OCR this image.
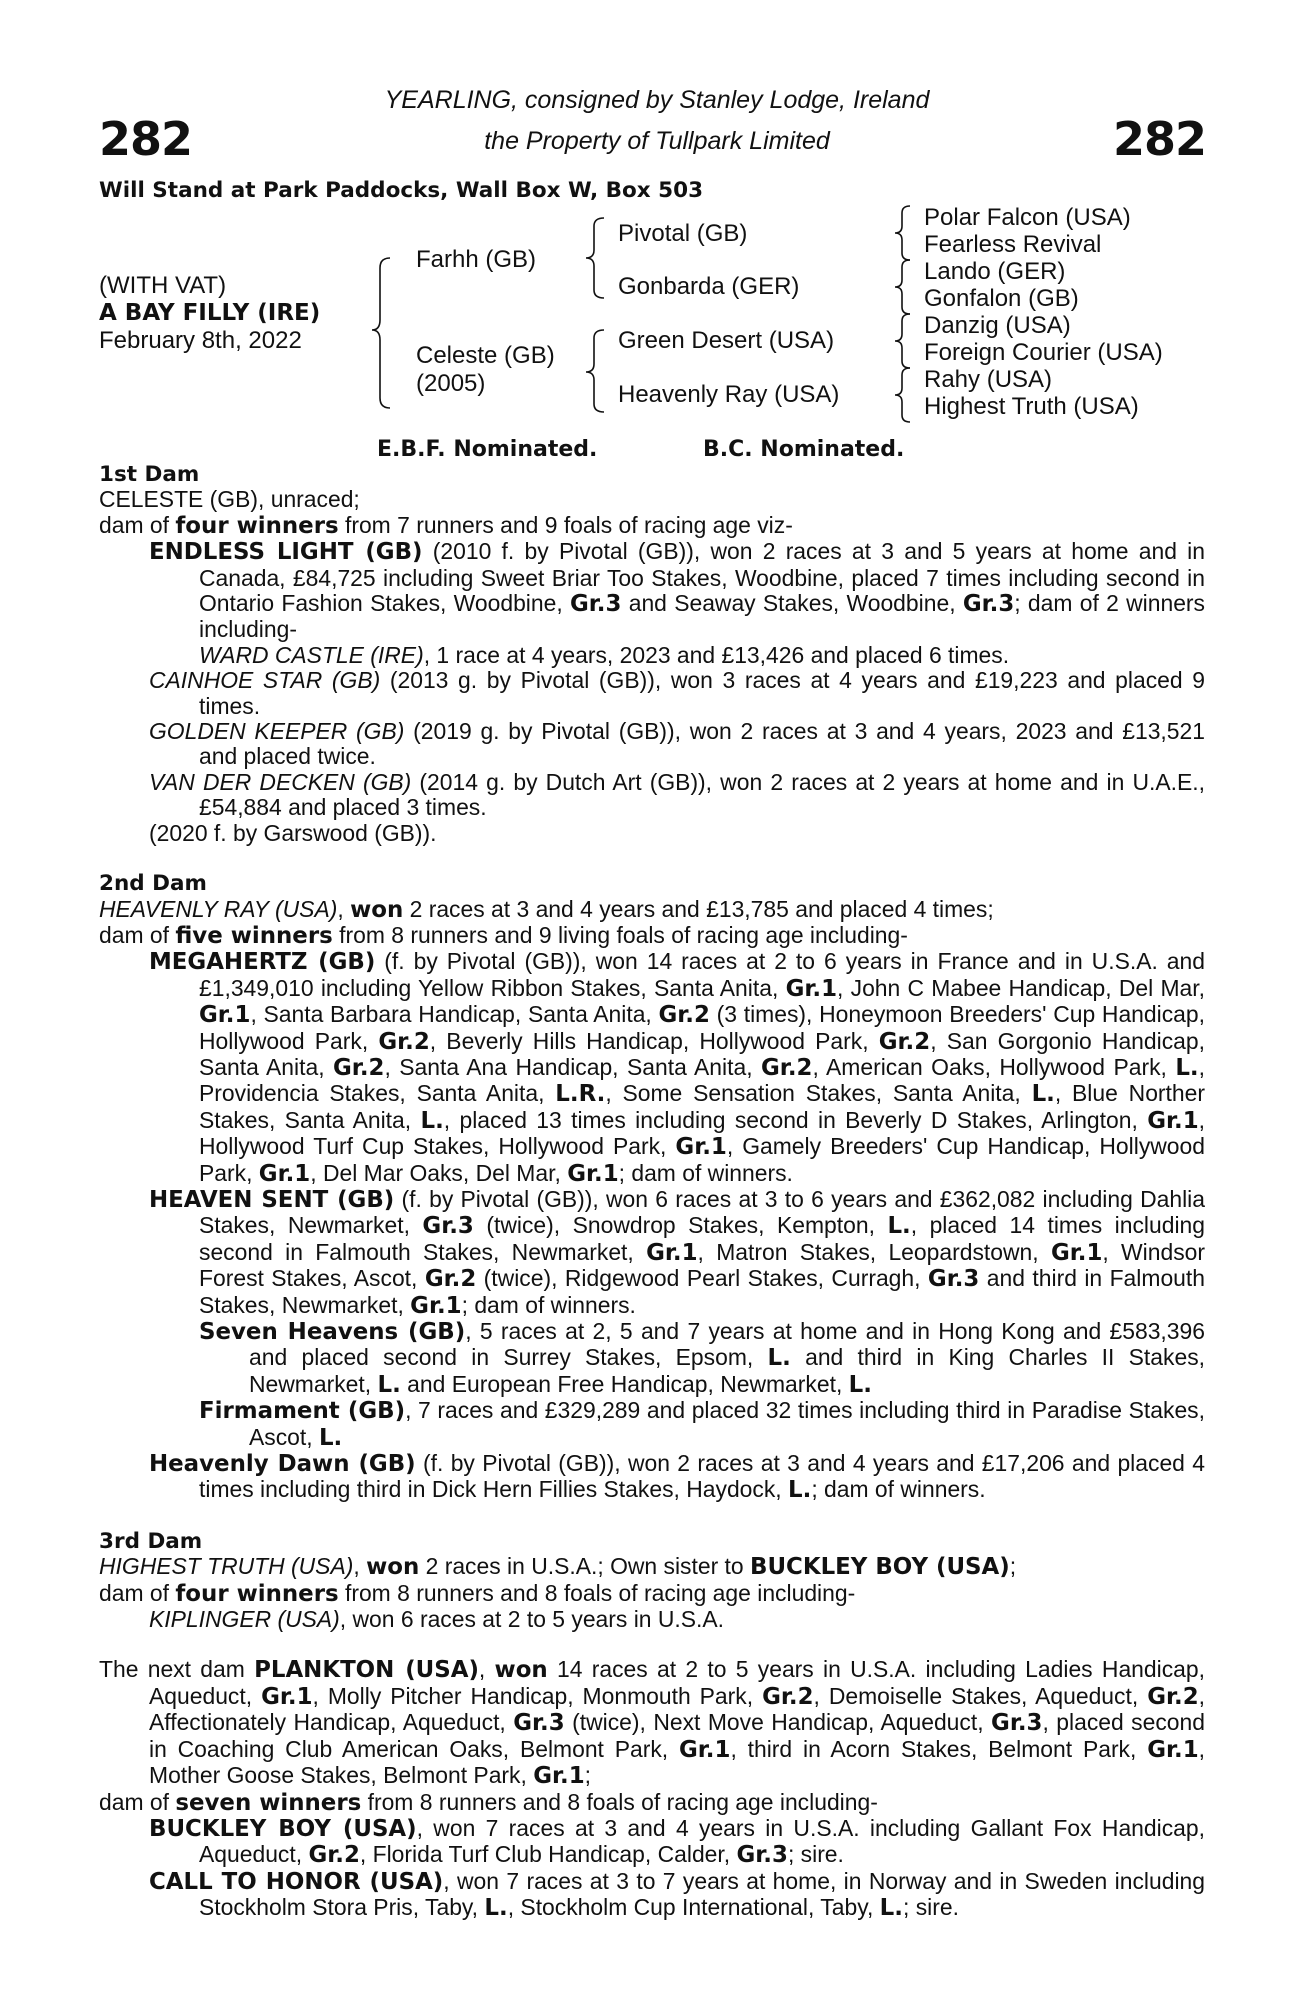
282	282
YEARLING, consigned by Stanley Lodge, Ireland
the Property of Tullpark Limited
Will Stand at Park Paddocks, Wall Box W, Box 503
(WITH VAT)
A BAY FILLY (IRE)
February 8th, 2022
Farhh (GB)
Celeste (GB)
(2005)
Pivotal (GB)
Gonbarda (GER)
Green Desert (USA)
Heavenly Ray (USA)
Polar Falcon (USA)
Fearless Revival
Lando (GER)
Gonfalon (GB)
Danzig (USA)
Foreign Courier (USA)
Rahy (USA)
Highest Truth (USA)
E.B.F. Nominated.	B.C. Nominated.
1st Dam

CELESTE (GB), unraced;

dam of four winners from 7 runners and 9 foals of racing age viz-

ENDLESS LIGHT (GB) (2010 f. by Pivotal (GB)), won 2 races at 3 and 5 years at home and in Canada, £84,725 including Sweet Briar Too Stakes, Woodbine, placed 7 times including second in Ontario Fashion Stakes, Woodbine, Gr.3 and Seaway Stakes, Woodbine, Gr.3; dam of 2 winners including-

WARD CASTLE (IRE), 1 race at 4 years, 2023 and £13,426 and placed 6 times.

CAINHOE STAR (GB) (2013 g. by Pivotal (GB)), won 3 races at 4 years and £19,223 and placed 9 times.

GOLDEN KEEPER (GB) (2019 g. by Pivotal (GB)), won 2 races at 3 and 4 years, 2023 and £13,521 and placed twice.

VAN DER DECKEN (GB) (2014 g. by Dutch Art (GB)), won 2 races at 2 years at home and in U.A.E., £54,884 and placed 3 times.

(2020 f. by Garswood (GB)).

2nd Dam

HEAVENLY RAY (USA), won 2 races at 3 and 4 years and £13,785 and placed 4 times;

dam of five winners from 8 runners and 9 living foals of racing age including-

MEGAHERTZ (GB) (f. by Pivotal (GB)), won 14 races at 2 to 6 years in France and in U.S.A. and £1,349,010 including Yellow Ribbon Stakes, Santa Anita, Gr.1, John C Mabee Handicap, Del Mar, Gr.1, Santa Barbara Handicap, Santa Anita, Gr.2 (3 times), Honeymoon Breeders' Cup Handicap, Hollywood Park, Gr.2, Beverly Hills Handicap, Hollywood Park, Gr.2, San Gorgonio Handicap, Santa Anita, Gr.2, Santa Ana Handicap, Santa Anita, Gr.2, American Oaks, Hollywood Park, L., Providencia Stakes, Santa Anita, L.R., Some Sensation Stakes, Santa Anita, L., Blue Norther Stakes, Santa Anita, L., placed 13 times including second in Beverly D Stakes, Arlington, Gr.1, Hollywood Turf Cup Stakes, Hollywood Park, Gr.1, Gamely Breeders' Cup Handicap, Hollywood Park, Gr.1, Del Mar Oaks, Del Mar, Gr.1; dam of winners.

HEAVEN SENT (GB) (f. by Pivotal (GB)), won 6 races at 3 to 6 years and £362,082 including Dahlia Stakes, Newmarket, Gr.3 (twice), Snowdrop Stakes, Kempton, L., placed 14 times including second in Falmouth Stakes, Newmarket, Gr.1, Matron Stakes, Leopardstown, Gr.1, Windsor Forest Stakes, Ascot, Gr.2 (twice), Ridgewood Pearl Stakes, Curragh, Gr.3 and third in Falmouth Stakes, Newmarket, Gr.1; dam of winners.

Seven Heavens (GB), 5 races at 2, 5 and 7 years at home and in Hong Kong and £583,396 and placed second in Surrey Stakes, Epsom, L. and third in King Charles II Stakes, Newmarket, L. and European Free Handicap, Newmarket, L.

Firmament (GB), 7 races and £329,289 and placed 32 times including third in Paradise Stakes, Ascot, L.

Heavenly Dawn (GB) (f. by Pivotal (GB)), won 2 races at 3 and 4 years and £17,206 and placed 4 times including third in Dick Hern Fillies Stakes, Haydock, L.; dam of winners.

3rd Dam

HIGHEST TRUTH (USA), won 2 races in U.S.A.; Own sister to BUCKLEY BOY (USA);

dam of four winners from 8 runners and 8 foals of racing age including-

KIPLINGER (USA), won 6 races at 2 to 5 years in U.S.A.

The next dam PLANKTON (USA), won 14 races at 2 to 5 years in U.S.A. including Ladies Handicap, Aqueduct, Gr.1, Molly Pitcher Handicap, Monmouth Park, Gr.2, Demoiselle Stakes, Aqueduct, Gr.2, Affectionately Handicap, Aqueduct, Gr.3 (twice), Next Move Handicap, Aqueduct, Gr.3, placed second in Coaching Club American Oaks, Belmont Park, Gr.1, third in Acorn Stakes, Belmont Park, Gr.1, Mother Goose Stakes, Belmont Park, Gr.1;

dam of seven winners from 8 runners and 8 foals of racing age including-

BUCKLEY BOY (USA), won 7 races at 3 and 4 years in U.S.A. including Gallant Fox Handicap, Aqueduct, Gr.2, Florida Turf Club Handicap, Calder, Gr.3; sire.

CALL TO HONOR (USA), won 7 races at 3 to 7 years at home, in Norway and in Sweden including Stockholm Stora Pris, Taby, L., Stockholm Cup International, Taby, L.; sire.
